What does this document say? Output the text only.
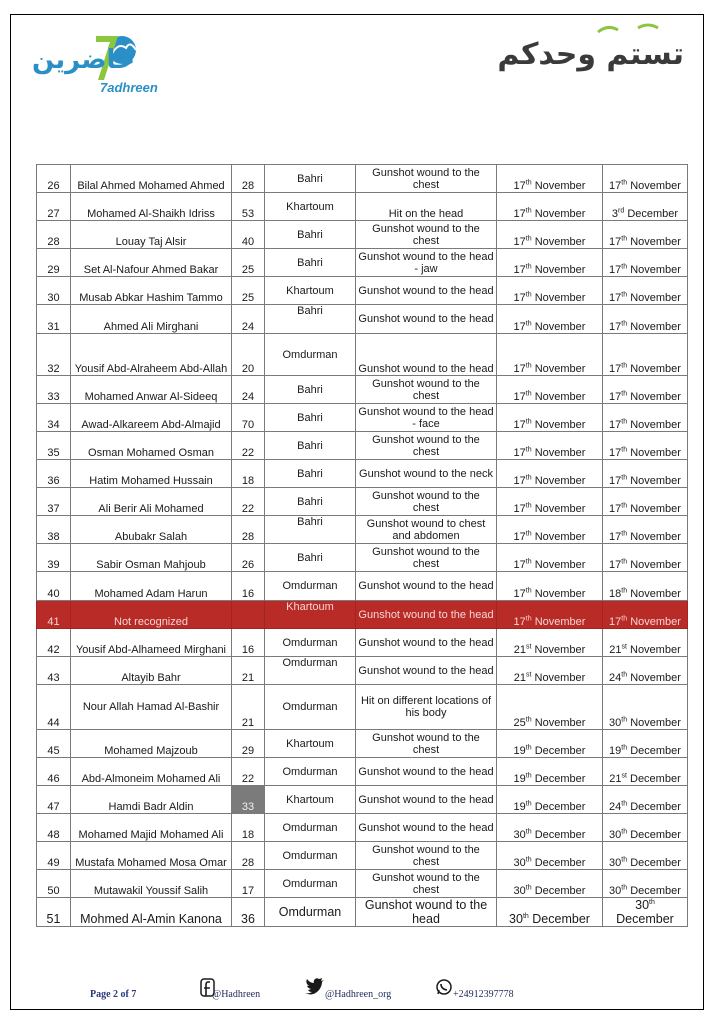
حاضرين
7adhreen
تستم وحدكم
26	Bilal Ahmed Mohamed Ahmed	28	Bahri	Gunshot wound to the chest	17th November	17th November
27	Mohamed Al-Shaikh Idriss	53	Khartoum	Hit on the head	17th November	3rd December
28	Louay Taj Alsir	40	Bahri	Gunshot wound to the chest	17th November	17th November
29	Set Al-Nafour Ahmed Bakar	25	Bahri	Gunshot wound to the head - jaw	17th November	17th November
30	Musab Abkar Hashim Tammo	25	Khartoum	Gunshot wound to the head	17th November	17th November
31	Ahmed Ali Mirghani	24	Bahri	Gunshot wound to the head	17th November	17th November
32	Yousif Abd-Alraheem Abd-Allah	20	Omdurman	Gunshot wound to the head	17th November	17th November
33	Mohamed Anwar Al-Sideeq	24	Bahri	Gunshot wound to the chest	17th November	17th November
34	Awad-Alkareem Abd-Almajid	70	Bahri	Gunshot wound to the head - face	17th November	17th November
35	Osman Mohamed Osman	22	Bahri	Gunshot wound to the chest	17th November	17th November
36	Hatim Mohamed Hussain	18	Bahri	Gunshot wound to the neck	17th November	17th November
37	Ali Berir Ali Mohamed	22	Bahri	Gunshot wound to the chest	17th November	17th November
38	Abubakr Salah	28	Bahri	Gunshot wound to chest and abdomen	17th November	17th November
39	Sabir Osman Mahjoub	26	Bahri	Gunshot wound to the chest	17th November	17th November
40	Mohamed Adam Harun	16	Omdurman	Gunshot wound to the head	17th November	18th November
41	Not recognized		Khartoum	Gunshot wound to the head	17th November	17th November
42	Yousif Abd-Alhameed Mirghani	16	Omdurman	Gunshot wound to the head	21st November	21st November
43	Altayib Bahr	21	Omdurman	Gunshot wound to the head	21st November	24th November
44	Nour Allah Hamad Al-Bashir	21	Omdurman	Hit on different locations of his body	25th November	30th November
45	Mohamed Majzoub	29	Khartoum	Gunshot wound to the chest	19th December	19th December
46	Abd-Almoneim Mohamed Ali	22	Omdurman	Gunshot wound to the head	19th December	21st December
47	Hamdi Badr Aldin	33	Khartoum	Gunshot wound to the head	19th December	24th December
48	Mohamed Majid Mohamed Ali	18	Omdurman	Gunshot wound to the head	30th December	30th December
49	Mustafa Mohamed Mosa Omar	28	Omdurman	Gunshot wound to the chest	30th December	30th December
50	Mutawakil Youssif Salih	17	Omdurman	Gunshot wound to the chest	30th December	30th December
51	Mohmed Al-Amin Kanona	36	Omdurman	Gunshot wound to the head	30th December	30th December
Page 2 of 7	@Hadhreen	@Hadhreen_org	+24912397778
